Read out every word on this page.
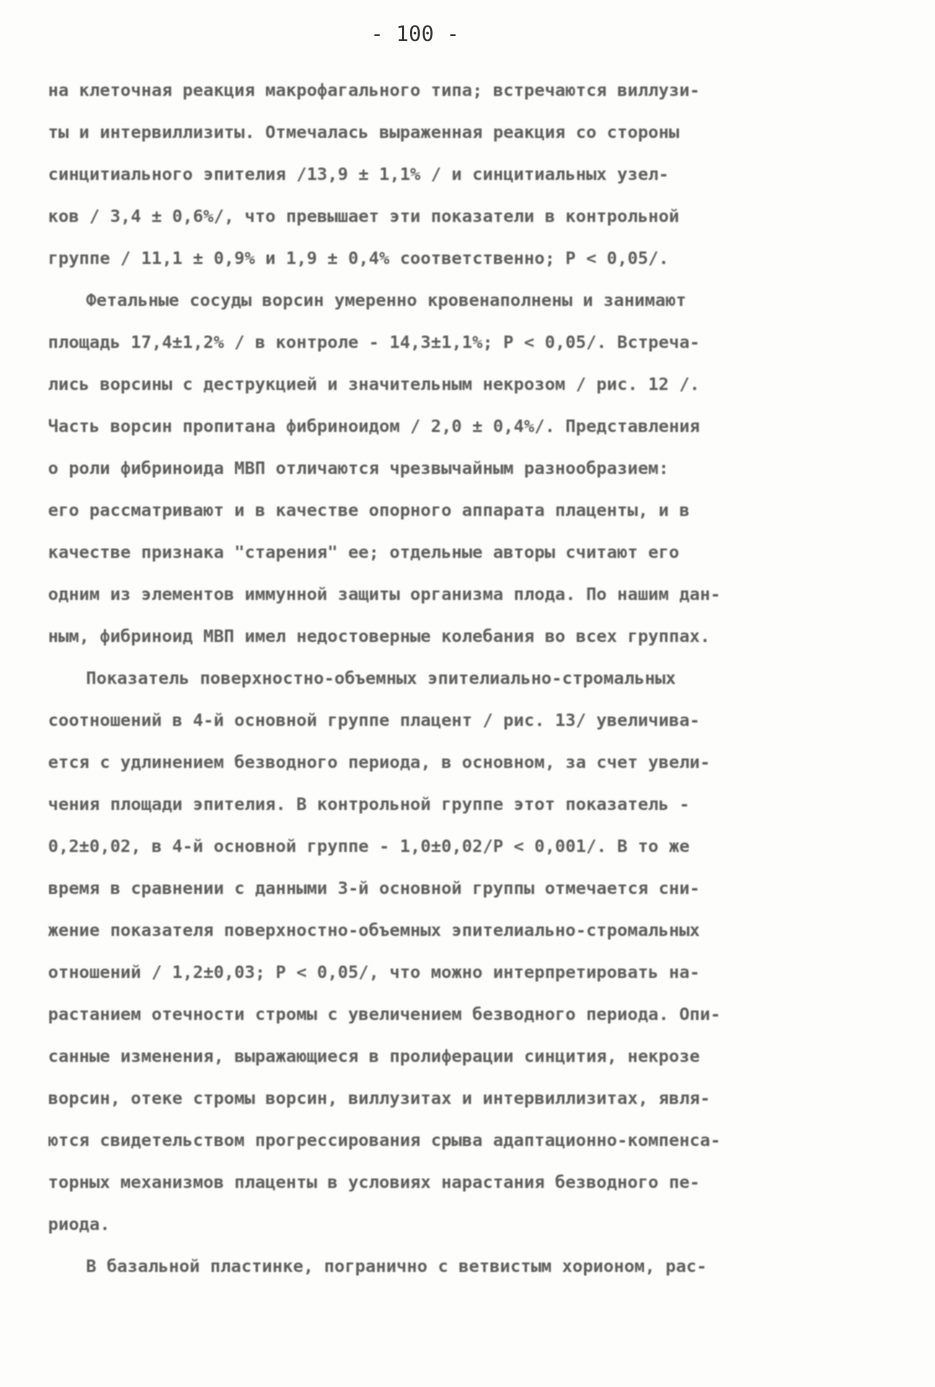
- 100 -
на клеточная реакция макрофагального типа; встречаются виллузи-
ты и интервиллизиты. Отмечалась выраженная реакция со стороны
синцитиального эпителия /13,9 ± 1,1% / и синцитиальных узел-
ков / 3,4 ± 0,6%/, что превышает эти показатели в контрольной
группе / 11,1 ± 0,9% и 1,9 ± 0,4% соответственно; Р < 0,05/.
Фетальные сосуды ворсин умеренно кровенаполнены и занимают
площадь 17,4±1,2% / в контроле - 14,3±1,1%; Р < 0,05/. Встреча-
лись ворсины с деструкцией и значительным некрозом / рис. 12 /.
Часть ворсин пропитана фибриноидом / 2,0 ± 0,4%/. Представления
о роли фибриноида МВП отличаются чрезвычайным разнообразием:
его рассматривают и в качестве опорного аппарата плаценты, и в
качестве признака "старения" ее; отдельные авторы считают его
одним из элементов иммунной защиты организма плода. По нашим дан-
ным, фибриноид МВП имел недостоверные колебания во всех группах.
Показатель поверхностно-объемных эпителиально-стромальных
соотношений в 4-й основной группе плацент / рис. 13/ увеличива-
ется с удлинением безводного периода, в основном, за счет увели-
чения площади эпителия. В контрольной группе этот показатель -
0,2±0,02, в 4-й основной группе - 1,0±0,02/Р < 0,001/. В то же
время в сравнении с данными 3-й основной группы отмечается сни-
жение показателя поверхностно-объемных эпителиально-стромальных
отношений / 1,2±0,03; Р < 0,05/, что можно интерпретировать на-
растанием отечности стромы с увеличением безводного периода. Опи-
санные изменения, выражающиеся в пролиферации синцития, некрозе
ворсин, отеке стромы ворсин, виллузитах и интервиллизитах, явля-
ются свидетельством прогрессирования срыва адаптационно-компенса-
торных механизмов плаценты в условиях нарастания безводного пе-
риода.
В базальной пластинке, погранично с ветвистым хорионом, рас-
